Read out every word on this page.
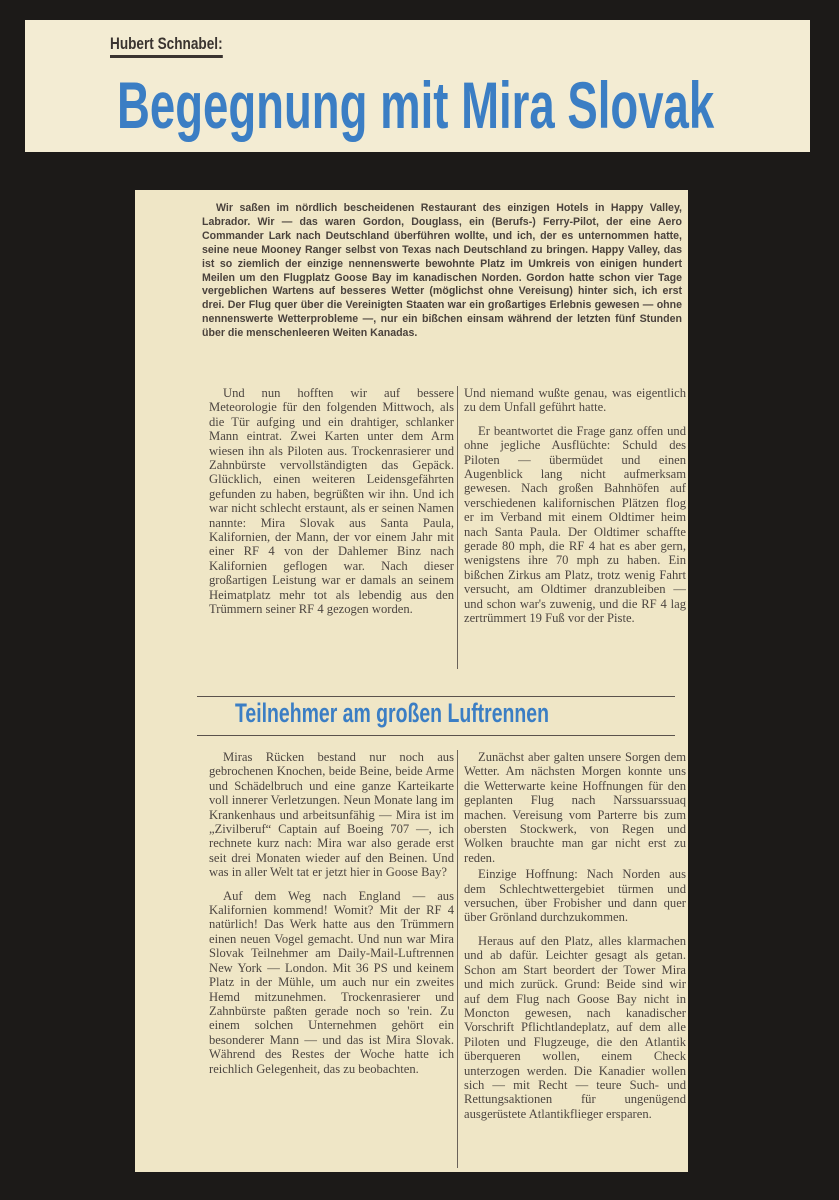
Hubert Schnabel:
Begegnung mit Mira Slovak

Wir saßen im nördlich bescheidenen Restaurant des einzigen Hotels in Happy Valley, Labrador. Wir — das waren Gordon, Douglass, ein (Berufs-) Ferry-Pilot, der eine Aero Commander Lark nach Deutschland überführen wollte, und ich, der es unternommen hatte, seine neue Mooney Ranger selbst von Texas nach Deutschland zu bringen. Happy Valley, das ist so ziemlich der einzige nennenswerte bewohnte Platz im Umkreis von einigen hundert Meilen um den Flugplatz Goose Bay im kanadischen Norden. Gordon hatte schon vier Tage vergeblichen Wartens auf besseres Wetter (möglichst ohne Vereisung) hinter sich, ich erst drei. Der Flug quer über die Vereinigten Staaten war ein großartiges Erlebnis gewesen — ohne nennenswerte Wetterprobleme —, nur ein bißchen einsam während der letzten fünf Stunden über die menschenleeren Weiten Kanadas.

Und nun hofften wir auf bessere Meteorologie für den folgenden Mittwoch, als die Tür aufging und ein drahtiger, schlanker Mann eintrat. Zwei Karten unter dem Arm wiesen ihn als Piloten aus. Trockenrasierer und Zahnbürste vervollständigten das Gepäck. Glücklich, einen weiteren Leidensgefährten gefunden zu haben, begrüßten wir ihn. Und ich war nicht schlecht erstaunt, als er seinen Namen nannte: Mira Slovak aus Santa Paula, Kalifornien, der Mann, der vor einem Jahr mit einer RF 4 von der Dahlemer Binz nach Kalifornien geflogen war. Nach dieser großartigen Leistung war er damals an seinem Heimatplatz mehr tot als lebendig aus den Trümmern seiner RF 4 gezogen worden.

Und niemand wußte genau, was eigentlich zu dem Unfall geführt hatte.

Er beantwortet die Frage ganz offen und ohne jegliche Ausflüchte: Schuld des Piloten — übermüdet und einen Augenblick lang nicht aufmerksam gewesen. Nach großen Bahnhöfen auf verschiedenen kalifornischen Plätzen flog er im Verband mit einem Oldtimer heim nach Santa Paula. Der Oldtimer schaffte gerade 80 mph, die RF 4 hat es aber gern, wenigstens ihre 70 mph zu haben. Ein bißchen Zirkus am Platz, trotz wenig Fahrt versucht, am Oldtimer dranzubleiben — und schon war's zuwenig, und die RF 4 lag zertrümmert 19 Fuß vor der Piste.

Teilnehmer am großen Luftrennen

Miras Rücken bestand nur noch aus gebrochenen Knochen, beide Beine, beide Arme und Schädelbruch und eine ganze Karteikarte voll innerer Verletzungen. Neun Monate lang im Krankenhaus und arbeitsunfähig — Mira ist im „Zivilberuf“ Captain auf Boeing 707 —, ich rechnete kurz nach: Mira war also gerade erst seit drei Monaten wieder auf den Beinen. Und was in aller Welt tat er jetzt hier in Goose Bay?

Auf dem Weg nach England — aus Kalifornien kommend! Womit? Mit der RF 4 natürlich! Das Werk hatte aus den Trümmern einen neuen Vogel gemacht. Und nun war Mira Slovak Teilnehmer am Daily-Mail-Luftrennen New York — London. Mit 36 PS und keinem Platz in der Mühle, um auch nur ein zweites Hemd mitzunehmen. Trockenrasierer und Zahnbürste paßten gerade noch so 'rein. Zu einem solchen Unternehmen gehört ein besonderer Mann — und das ist Mira Slovak. Während des Restes der Woche hatte ich reichlich Gelegenheit, das zu beobachten.

Zunächst aber galten unsere Sorgen dem Wetter. Am nächsten Morgen konnte uns die Wetterwarte keine Hoffnungen für den geplanten Flug nach Narssuarssuaq machen. Vereisung vom Parterre bis zum obersten Stockwerk, von Regen und Wolken brauchte man gar nicht erst zu reden.

Einzige Hoffnung: Nach Norden aus dem Schlechtwettergebiet türmen und versuchen, über Frobisher und dann quer über Grönland durchzukommen.

Heraus auf den Platz, alles klarmachen und ab dafür. Leichter gesagt als getan. Schon am Start beordert der Tower Mira und mich zurück. Grund: Beide sind wir auf dem Flug nach Goose Bay nicht in Moncton gewesen, nach kanadischer Vorschrift Pflichtlandeplatz, auf dem alle Piloten und Flugzeuge, die den Atlantik überqueren wollen, einem Check unterzogen werden. Die Kanadier wollen sich — mit Recht — teure Such- und Rettungsaktionen für ungenügend ausgerüstete Atlantikflieger ersparen.
